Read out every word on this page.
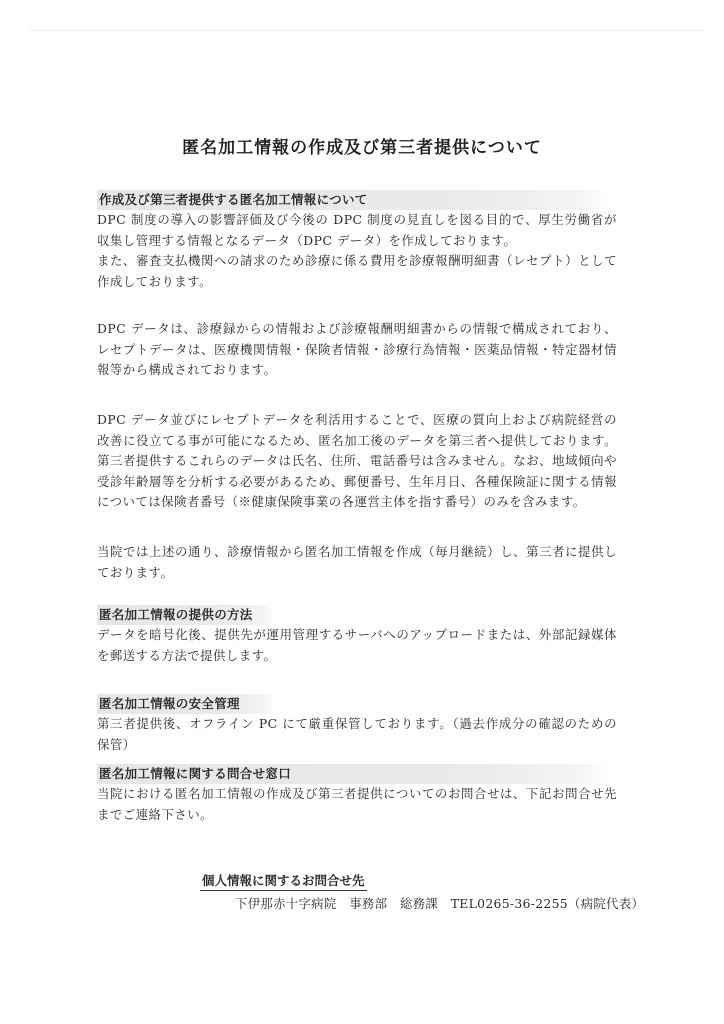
匿名加工情報の作成及び第三者提供について
作成及び第三者提供する匿名加工情報について

DPC 制度の導入の影響評価及び今後の DPC 制度の見直しを図る目的で、厚生労働省が収集し管理する情報となるデータ（DPC データ）を作成しております。

また、審査支払機関への請求のため診療に係る費用を診療報酬明細書（レセプト）として作成しております。

DPC データは、診療録からの情報および診療報酬明細書からの情報で構成されており、レセプトデータは、医療機関情報・保険者情報・診療行為情報・医薬品情報・特定器材情報等から構成されております。

DPC データ並びにレセプトデータを利活用することで、医療の質向上および病院経営の改善に役立てる事が可能になるため、匿名加工後のデータを第三者へ提供しております。第三者提供するこれらのデータは氏名、住所、電話番号は含みません。なお、地域傾向や受診年齢層等を分析する必要があるため、郵便番号、生年月日、各種保険証に関する情報については保険者番号（※健康保険事業の各運営主体を指す番号）のみを含みます。

当院では上述の通り、診療情報から匿名加工情報を作成（毎月継続）し、第三者に提供しております。

匿名加工情報の提供の方法

データを暗号化後、提供先が運用管理するサーバへのアップロードまたは、外部記録媒体を郵送する方法で提供します。

匿名加工情報の安全管理

第三者提供後、オフライン PC にて厳重保管しております。（過去作成分の確認のための保管）

匿名加工情報に関する問合せ窓口

当院における匿名加工情報の作成及び第三者提供についてのお問合せは、下記お問合せ先までご連絡下さい。

個人情報に関するお問合せ先
下伊那赤十字病院　事務部　総務課　TEL0265-36-2255（病院代表）
